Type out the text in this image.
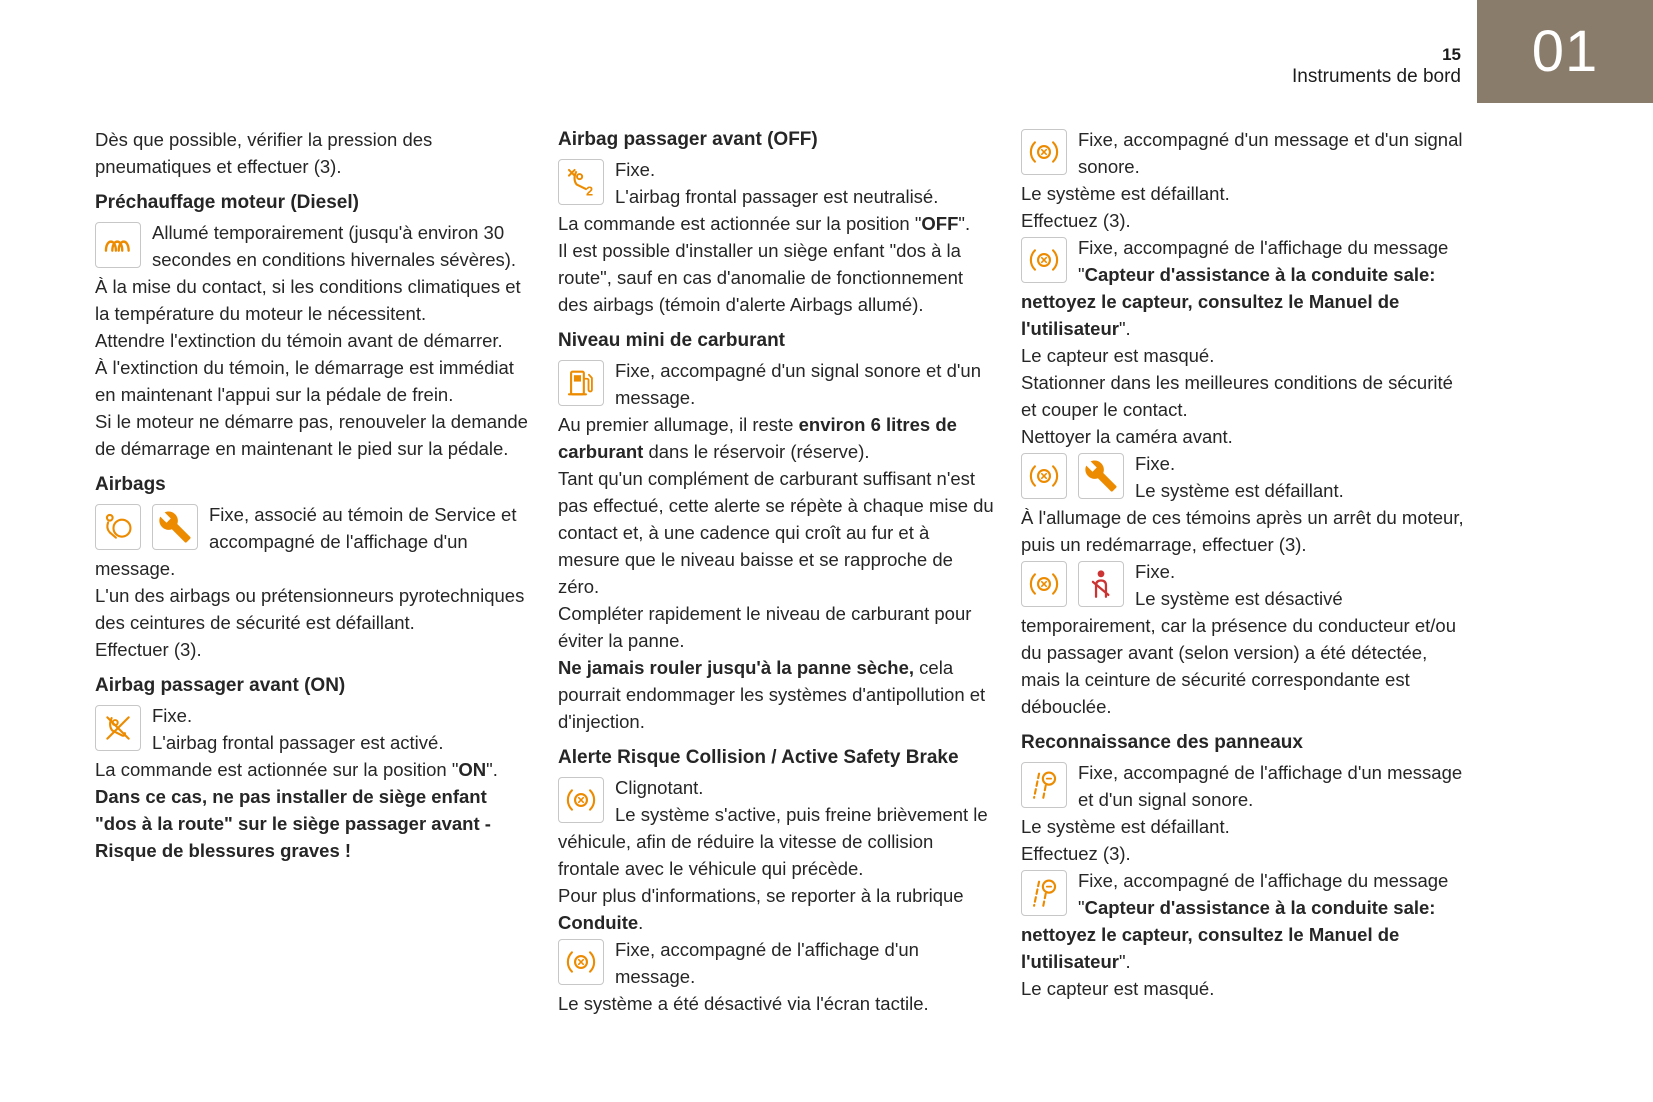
15
Instruments de bord 01
Dès que possible, vérifier la pression des pneumatiques et effectuer (3).
Préchauffage moteur (Diesel)
Allumé temporairement (jusqu'à environ 30 secondes en conditions hivernales sévères).
À la mise du contact, si les conditions climatiques et la température du moteur le nécessitent.
Attendre l'extinction du témoin avant de démarrer.
À l'extinction du témoin, le démarrage est immédiat en maintenant l'appui sur la pédale de frein.
Si le moteur ne démarre pas, renouveler la demande de démarrage en maintenant le pied sur la pédale.
Airbags
Fixe, associé au témoin de Service et accompagné de l'affichage d'un message.
L'un des airbags ou prétensionneurs pyrotechniques des ceintures de sécurité est défaillant.
Effectuer (3).
Airbag passager avant (ON)
Fixe.
L'airbag frontal passager est activé.
La commande est actionnée sur la position "ON".
Dans ce cas, ne pas installer de siège enfant "dos à la route" sur le siège passager avant - Risque de blessures graves !
Airbag passager avant (OFF)
2
Fixe.
L'airbag frontal passager est neutralisé.
La commande est actionnée sur la position "OFF".
Il est possible d'installer un siège enfant "dos à la route", sauf en cas d'anomalie de fonctionnement des airbags (témoin d'alerte Airbags allumé).
Niveau mini de carburant
Fixe, accompagné d'un signal sonore et d'un message.
Au premier allumage, il reste environ 6 litres de carburant dans le réservoir (réserve).
Tant qu'un complément de carburant suffisant n'est pas effectué, cette alerte se répète à chaque mise du contact et, à une cadence qui croît au fur et à mesure que le niveau baisse et se rapproche de zéro.
Compléter rapidement le niveau de carburant pour éviter la panne.
Ne jamais rouler jusqu'à la panne sèche, cela pourrait endommager les systèmes d'antipollution et d'injection.
Alerte Risque Collision / Active Safety Brake
Clignotant.
Le système s'active, puis freine brièvement le véhicule, afin de réduire la vitesse de collision frontale avec le véhicule qui précède.
Pour plus d'informations, se reporter à la rubrique Conduite.
Fixe, accompagné de l'affichage d'un message.
Le système a été désactivé via l'écran tactile.
Fixe, accompagné d'un message et d'un signal sonore.
Le système est défaillant.
Effectuez (3).
Fixe, accompagné de l'affichage du message "Capteur d'assistance à la conduite sale: nettoyez le capteur, consultez le Manuel de l'utilisateur".
Le capteur est masqué.
Stationner dans les meilleures conditions de sécurité et couper le contact.
Nettoyer la caméra avant.
Fixe.
Le système est défaillant.
À l'allumage de ces témoins après un arrêt du moteur, puis un redémarrage, effectuer (3).
Fixe.
Le système est désactivé temporairement, car la présence du conducteur et/ou du passager avant (selon version) a été détectée, mais la ceinture de sécurité correspondante est débouclée.
Reconnaissance des panneaux
Fixe, accompagné de l'affichage d'un message et d'un signal sonore.
Le système est défaillant.
Effectuez (3).
Fixe, accompagné de l'affichage du message "Capteur d'assistance à la conduite sale: nettoyez le capteur, consultez le Manuel de l'utilisateur".
Le capteur est masqué.
